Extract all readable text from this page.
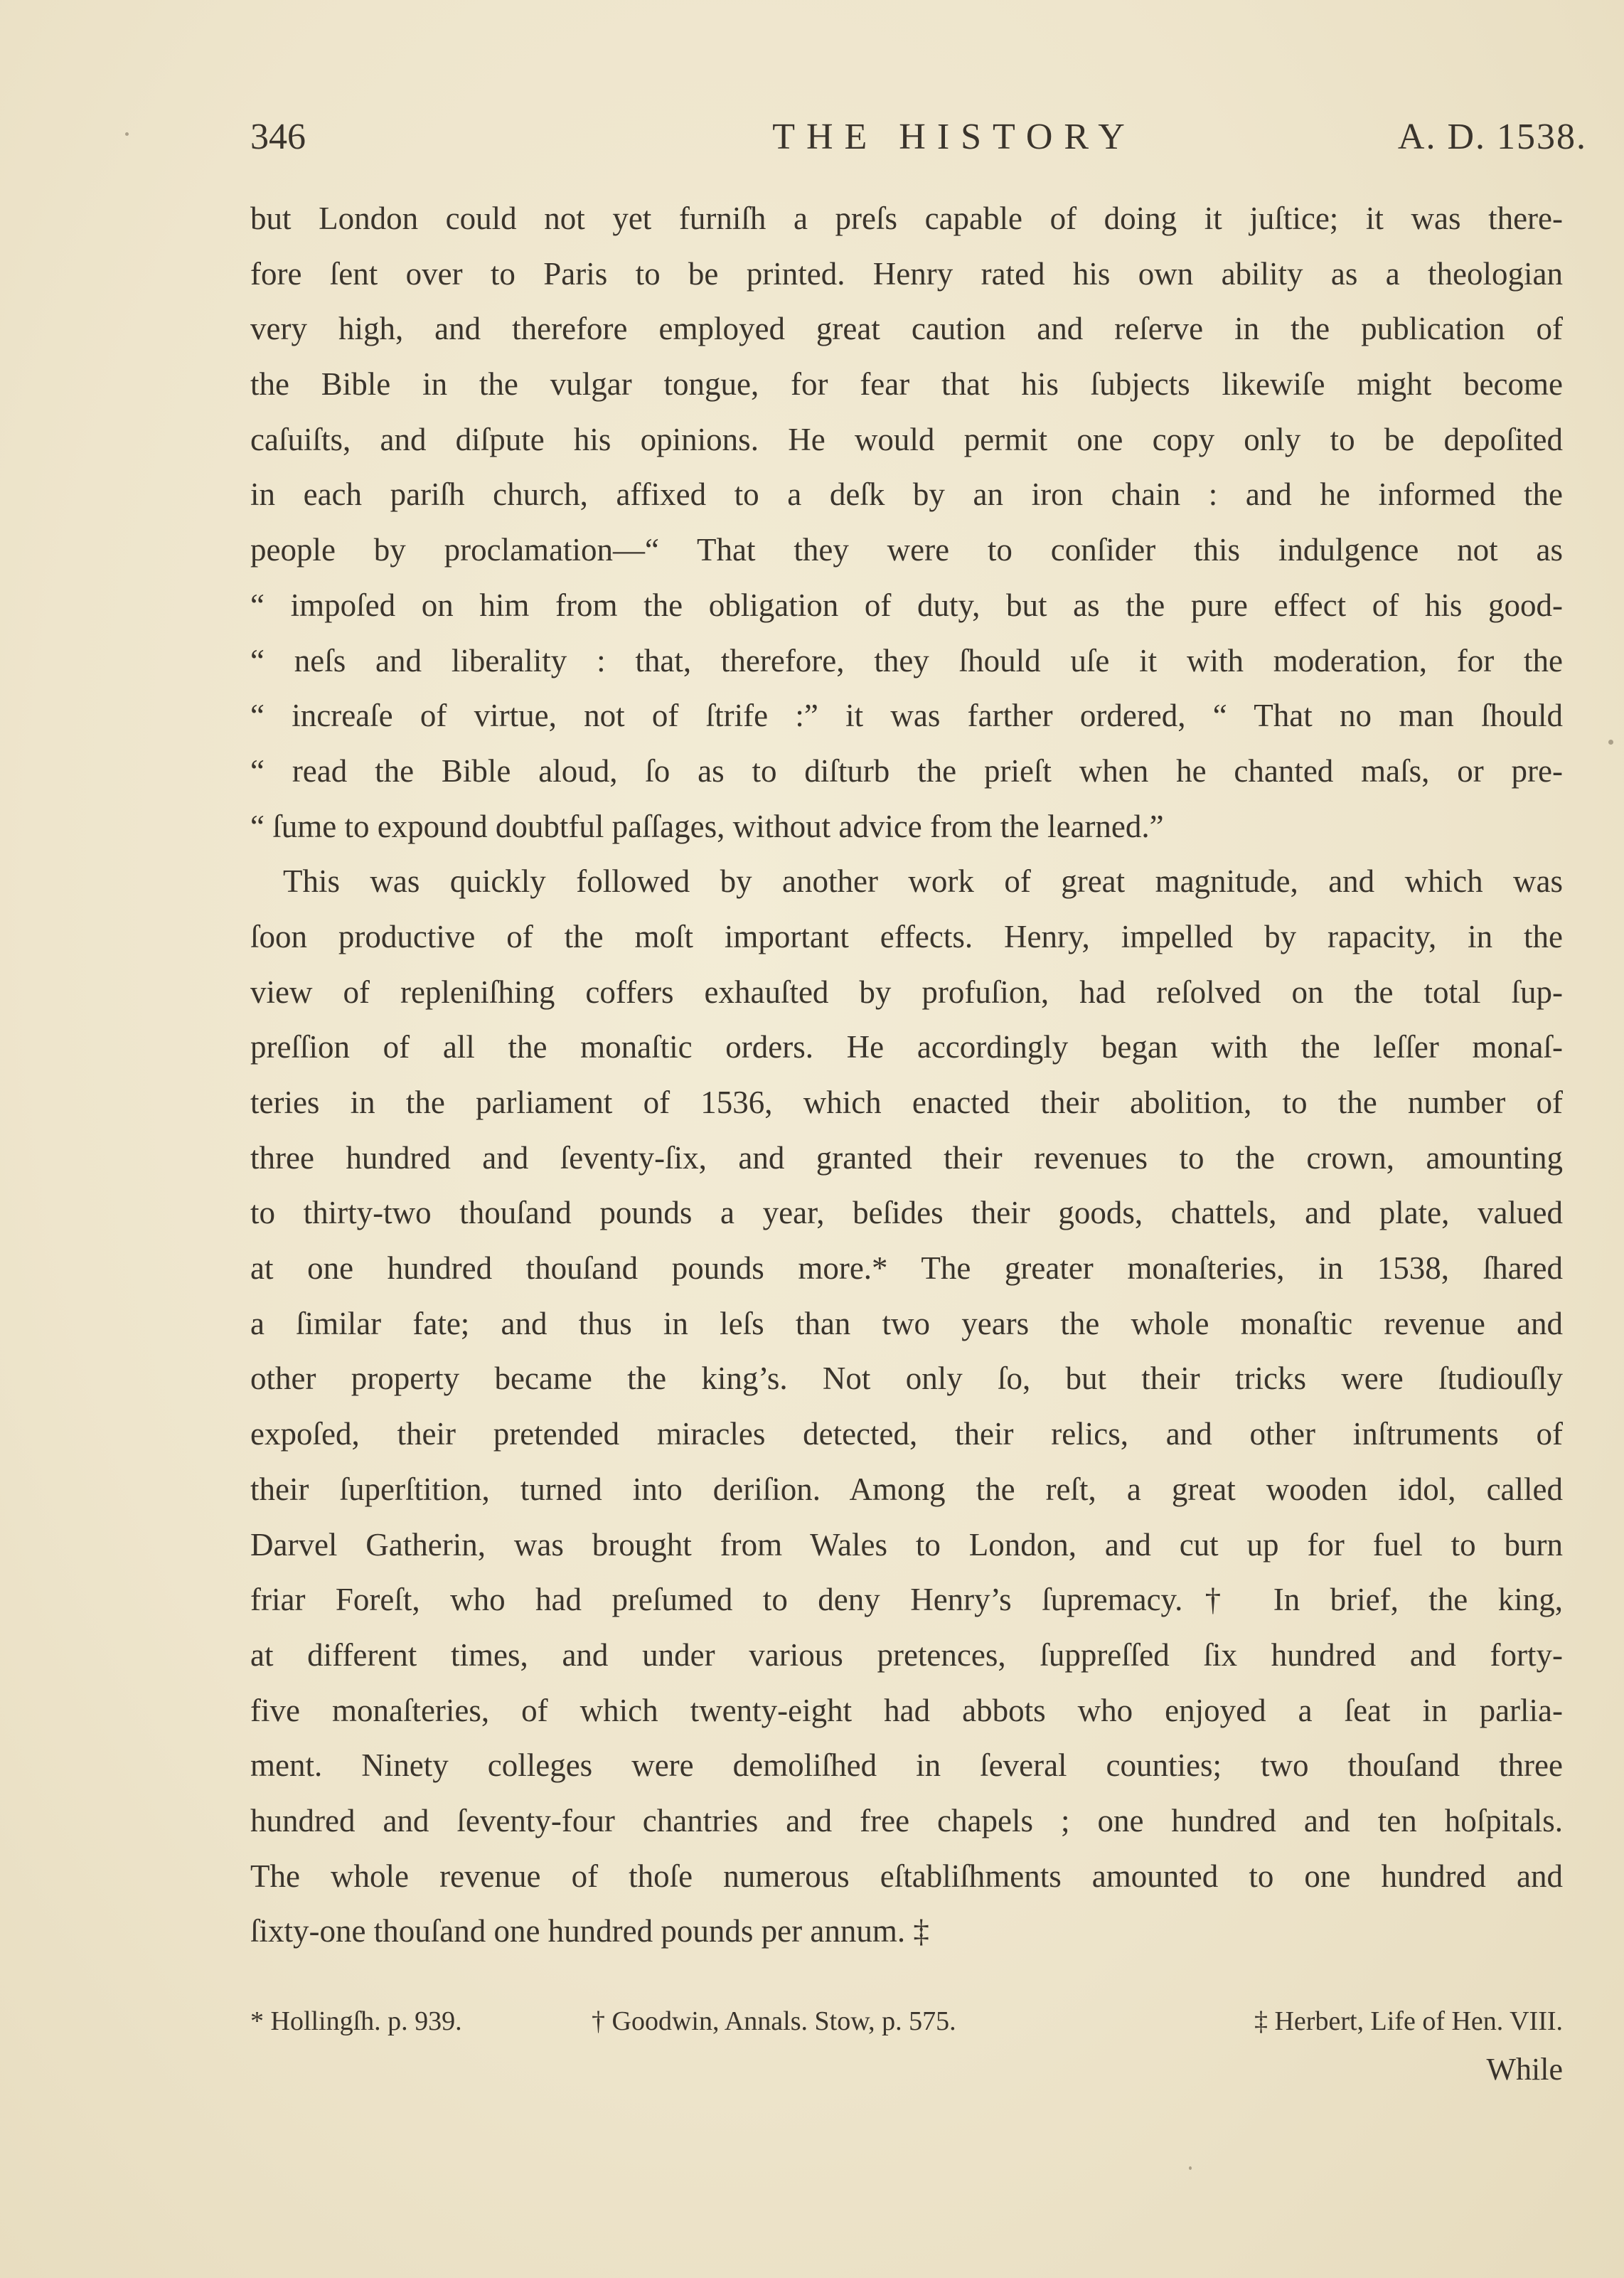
346	THE HISTORY	A. D. 1538.
but London could not yet furniſh a preſs capable of doing it juſtice; it was there-
fore ſent over to Paris to be printed. Henry rated his own ability as a theologian
very high, and therefore employed great caution and reſerve in the publication of
the Bible in the vulgar tongue, for fear that his ſubjects likewiſe might become
caſuiſts, and diſpute his opinions. He would permit one copy only to be depoſited
in each pariſh church, affixed to a deſk by an iron chain : and he informed the
people by proclamation—“ That they were to conſider this indulgence not as
“ impoſed on him from the obligation of duty, but as the pure effect of his good-
“ neſs and liberality : that, therefore, they ſhould uſe it with moderation, for the
“ increaſe of virtue, not of ſtrife :” it was farther ordered, “ That no man ſhould
“ read the Bible aloud, ſo as to diſturb the prieſt when he chanted maſs, or pre-
“ ſume to expound doubtful paſſages, without advice from the learned.”
This was quickly followed by another work of great magnitude, and which was
ſoon productive of the moſt important effects. Henry, impelled by rapacity, in the
view of repleniſhing coffers exhauſted by profuſion, had reſolved on the total ſup-
preſſion of all the monaſtic orders. He accordingly began with the leſſer monaſ-
teries in the parliament of 1536, which enacted their abolition, to the number of
three hundred and ſeventy-ſix, and granted their revenues to the crown, amounting
to thirty-two thouſand pounds a year, beſides their goods, chattels, and plate, valued
at one hundred thouſand pounds more.* The greater monaſteries, in 1538, ſhared
a ſimilar fate; and thus in leſs than two years the whole monaſtic revenue and
other property became the king’s. Not only ſo, but their tricks were ſtudiouſly
expoſed, their pretended miracles detected, their relics, and other inſtruments of
their ſuperſtition, turned into deriſion. Among the reſt, a great wooden idol, called
Darvel Gatherin, was brought from Wales to London, and cut up for fuel to burn
friar Foreſt, who had preſumed to deny Henry’s ſupremacy.† In brief, the king,
at different times, and under various pretences, ſuppreſſed ſix hundred and forty-
five monaſteries, of which twenty-eight had abbots who enjoyed a ſeat in parlia-
ment. Ninety colleges were demoliſhed in ſeveral counties; two thouſand three
hundred and ſeventy-four chantries and free chapels ; one hundred and ten hoſpitals.
The whole revenue of thoſe numerous eſtabliſhments amounted to one hundred and
ſixty-one thouſand one hundred pounds per annum. ‡
* Hollingſh. p. 939.	† Goodwin, Annals. Stow, p. 575.	‡ Herbert, Life of Hen. VIII.
While
